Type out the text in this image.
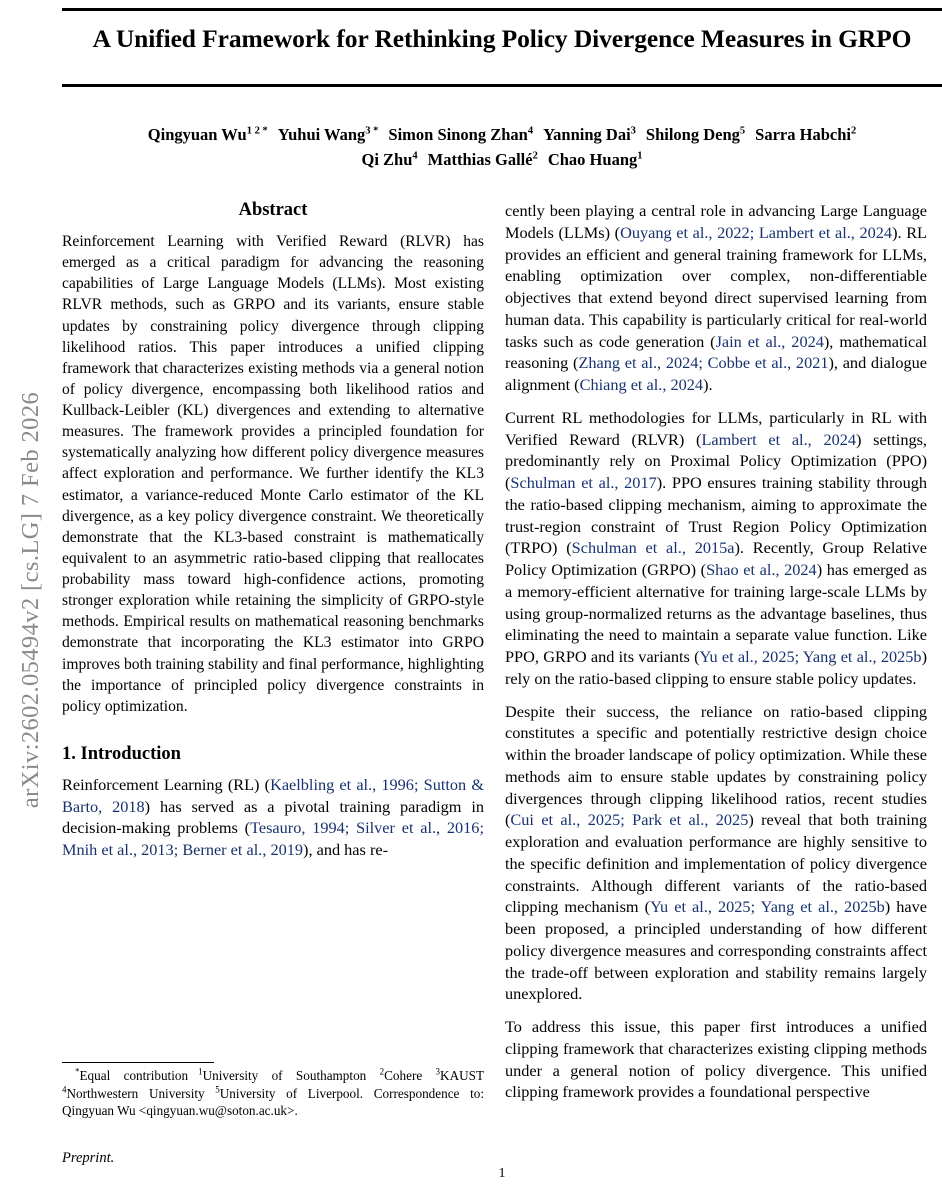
arXiv:2602.05494v2 [cs.LG] 7 Feb 2026
A Unified Framework for Rethinking Policy Divergence Measures in GRPO
Qingyuan $Wu^{1 2 *}$ Yuhui Wang$^{3 *}$ Simon Sinong Zhan$^4$ Yanning Dai$^3$ Shilong Deng$^5$ Sarra Habchi$^2$
Qi Zhu$^4$ Matthias Gallé$^2$ Chao Huang$^1$
Abstract

Reinforcement Learning with Verified Reward (RLVR) has emerged as a critical paradigm for advancing the reasoning capabilities of Large Language Models (LLMs). Most existing RLVR methods, such as GRPO and its variants, ensure stable updates by constraining policy divergence through clipping likelihood ratios. This paper introduces a unified clipping framework that characterizes existing methods via a general notion of policy divergence, encompassing both likelihood ratios and Kullback-Leibler (KL) divergences and extending to alternative measures. The framework provides a principled foundation for systematically analyzing how different policy divergence measures affect exploration and performance. We further identify the KL3 estimator, a variance-reduced Monte Carlo estimator of the KL divergence, as a key policy divergence constraint. We theoretically demonstrate that the KL3-based constraint is mathematically equivalent to an asymmetric ratio-based clipping that reallocates probability mass toward high-confidence actions, promoting stronger exploration while retaining the simplicity of GRPO-style methods. Empirical results on mathematical reasoning benchmarks demonstrate that incorporating the KL3 estimator into GRPO improves both training stability and final performance, highlighting the importance of principled policy divergence constraints in policy optimization.

1. Introduction

Reinforcement Learning (RL) (Kaelbling et al., 1996; Sutton & Barto, 2018) has served as a pivotal training paradigm in decision-making problems (Tesauro, 1994; Silver et al., 2016; Mnih et al., 2013; Berner et al., 2019), and has re-

cently been playing a central role in advancing Large Language Models (LLMs) (Ouyang et al., 2022; Lambert et al., 2024). RL provides an efficient and general training framework for LLMs, enabling optimization over complex, non-differentiable objectives that extend beyond direct supervised learning from human data. This capability is particularly critical for real-world tasks such as code generation (Jain et al., 2024), mathematical reasoning (Zhang et al., 2024; Cobbe et al., 2021), and dialogue alignment (Chiang et al., 2024).

Current RL methodologies for LLMs, particularly in RL with Verified Reward (RLVR) (Lambert et al., 2024) settings, predominantly rely on Proximal Policy Optimization (PPO) (Schulman et al., 2017). PPO ensures training stability through the ratio-based clipping mechanism, aiming to approximate the trust-region constraint of Trust Region Policy Optimization (TRPO) (Schulman et al., 2015a). Recently, Group Relative Policy Optimization (GRPO) (Shao et al., 2024) has emerged as a memory-efficient alternative for training large-scale LLMs by using group-normalized returns as the advantage baselines, thus eliminating the need to maintain a separate value function. Like PPO, GRPO and its variants (Yu et al., 2025; Yang et al., 2025b) rely on the ratio-based clipping to ensure stable policy updates.

Despite their success, the reliance on ratio-based clipping constitutes a specific and potentially restrictive design choice within the broader landscape of policy optimization. While these methods aim to ensure stable updates by constraining policy divergences through clipping likelihood ratios, recent studies (Cui et al., 2025; Park et al., 2025) reveal that both training exploration and evaluation performance are highly sensitive to the specific definition and implementation of policy divergence constraints. Although different variants of the ratio-based clipping mechanism (Yu et al., 2025; Yang et al., 2025b) have been proposed, a principled understanding of how different policy divergence measures and corresponding constraints affect the trade-off between exploration and stability remains largely unexplored.

To address this issue, this paper first introduces a unified clipping framework that characterizes existing clipping methods under a general notion of policy divergence. This unified clipping framework provides a foundational perspective

*Equal contribution $^1$University of Southampton $^2$Cohere $^3$KAUST $^4$Northwestern University $^5$University of Liverpool. Correspondence to: Qingyuan Wu <qingyuan.wu@soton.ac.uk>.

Preprint.
1
